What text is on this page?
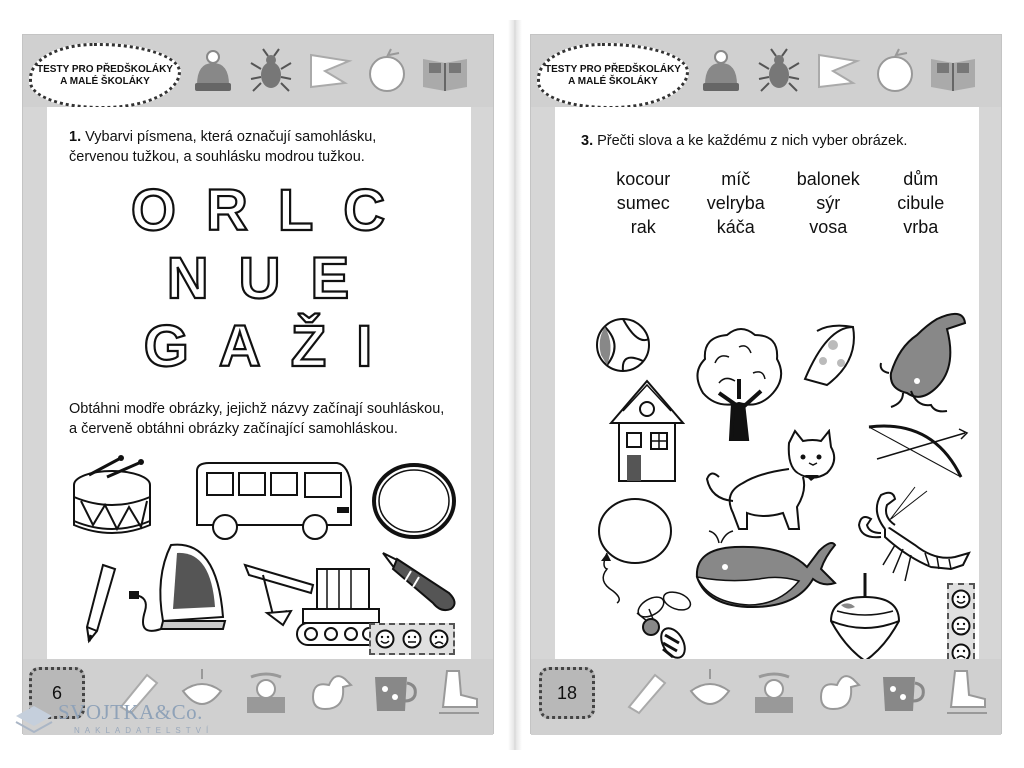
TESTY PRO PŘEDŠKOLÁKY
A MALÉ ŠKOLÁKY
1. Vybarvi písmena, která označují samohlásku,
červenou tužkou, a souhlásku modrou tužkou.
O R L C
N U E
G A Ž I
Obtáhni modře obrázky, jejichž názvy začínají souhláskou,
a červeně obtáhni obrázky začínající samohláskou.
6
TESTY PRO PŘEDŠKOLÁKY
A MALÉ ŠKOLÁKY
3. Přečti slova a ke každému z nich vyber obrázek.
kocour	míč	balonek	dům
sumec	velryba	sýr	cibule
rak	káča	vosa	vrba
18
SVOJTKA&Co.
NAKLADATELSTVÍ
